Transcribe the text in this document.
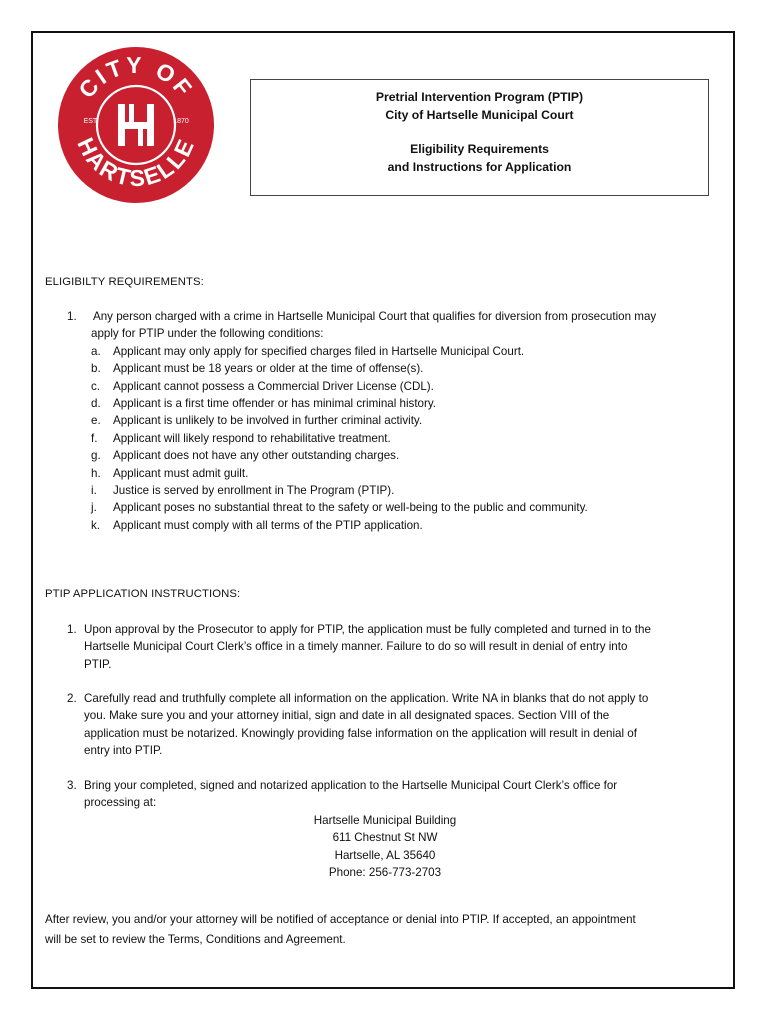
CITY OF
HARTSELLE
EST.	1870
Pretrial Intervention Program (PTIP)
City of Hartselle Municipal Court
Eligibility Requirements
and Instructions for Application
ELIGIBILTY REQUIREMENTS:
1. Any person charged with a crime in Hartselle Municipal Court that qualifies for diversion from prosecution may
apply for PTIP under the following conditions:
a. Applicant may only apply for specified charges filed in Hartselle Municipal Court.
b. Applicant must be 18 years or older at the time of offense(s).
c. Applicant cannot possess a Commercial Driver License (CDL).
d. Applicant is a first time offender or has minimal criminal history.
e. Applicant is unlikely to be involved in further criminal activity.
f. Applicant will likely respond to rehabilitative treatment.
g. Applicant does not have any other outstanding charges.
h. Applicant must admit guilt.
i. Justice is served by enrollment in The Program (PTIP).
j. Applicant poses no substantial threat to the safety or well-being to the public and community.
k. Applicant must comply with all terms of the PTIP application.
PTIP APPLICATION INSTRUCTIONS:
1. Upon approval by the Prosecutor to apply for PTIP, the application must be fully completed and turned in to the
Hartselle Municipal Court Clerk’s office in a timely manner. Failure to do so will result in denial of entry into
PTIP.
2. Carefully read and truthfully complete all information on the application. Write NA in blanks that do not apply to
you. Make sure you and your attorney initial, sign and date in all designated spaces. Section VIII of the
application must be notarized. Knowingly providing false information on the application will result in denial of
entry into PTIP.
3. Bring your completed, signed and notarized application to the Hartselle Municipal Court Clerk’s office for
processing at:
Hartselle Municipal Building
611 Chestnut St NW
Hartselle, AL 35640
Phone: 256-773-2703
After review, you and/or your attorney will be notified of acceptance or denial into PTIP. If accepted, an appointment
will be set to review the Terms, Conditions and Agreement.
